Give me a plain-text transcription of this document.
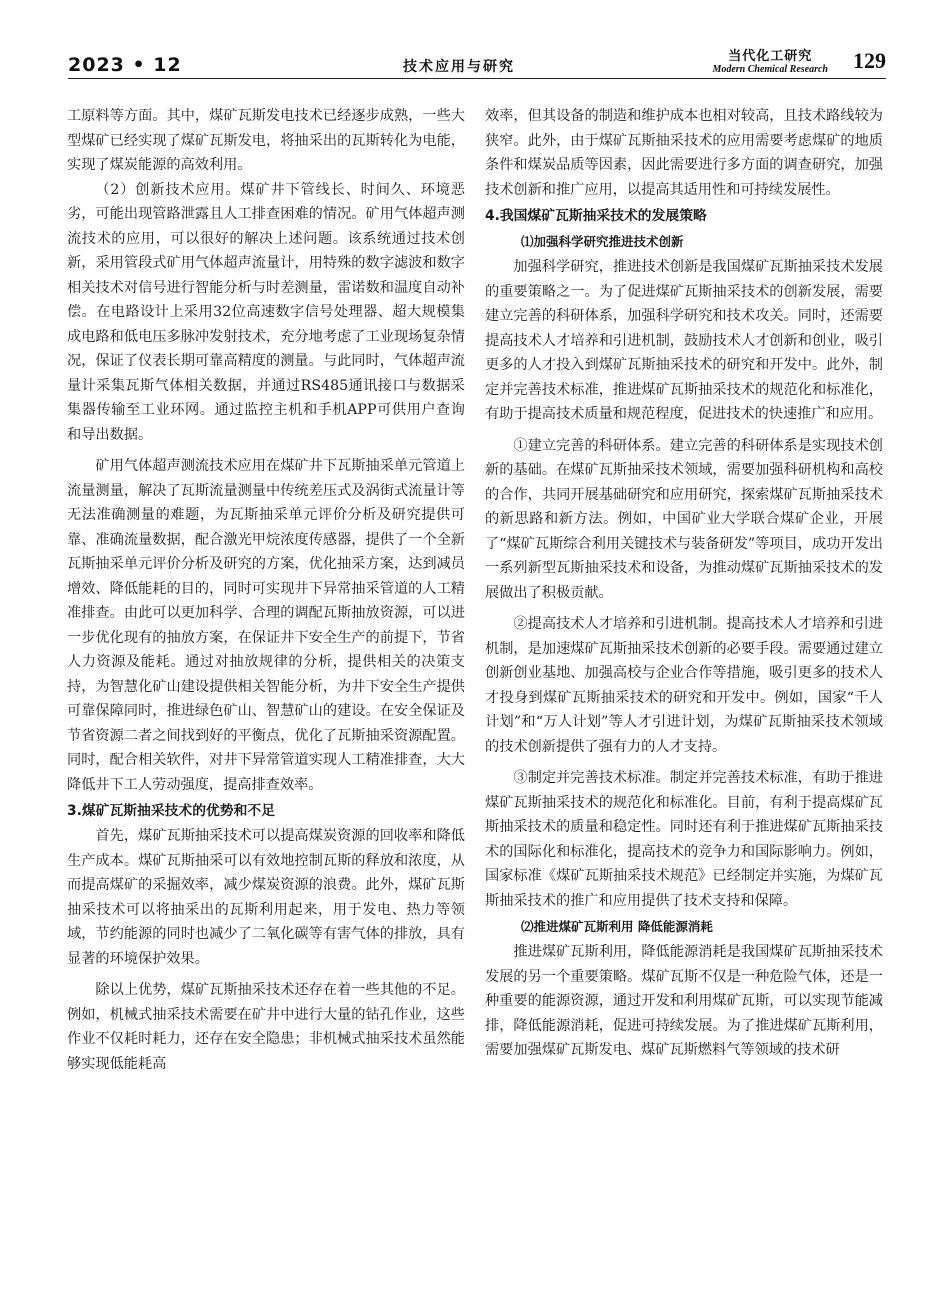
2023 • 12	技术应用与研究
当代化工研究
Modern Chemical Research 129

工原料等方面。其中，煤矿瓦斯发电技术已经逐步成熟，一些大型煤矿已经实现了煤矿瓦斯发电，将抽采出的瓦斯转化为电能，实现了煤炭能源的高效利用。

（2）创新技术应用。煤矿井下管线长、时间久、环境恶劣，可能出现管路泄露且人工排查困难的情况。矿用气体超声测流技术的应用，可以很好的解决上述问题。该系统通过技术创新，采用管段式矿用气体超声流量计，用特殊的数字滤波和数字相关技术对信号进行智能分析与时差测量，雷诺数和温度自动补偿。在电路设计上采用32位高速数字信号处理器、超大规模集成电路和低电压多脉冲发射技术，充分地考虑了工业现场复杂情况，保证了仪表长期可靠高精度的测量。与此同时，气体超声流量计采集瓦斯气体相关数据，并通过RS485通讯接口与数据采集器传输至工业环网。通过监控主机和手机APP可供用户查询和导出数据。

矿用气体超声测流技术应用在煤矿井下瓦斯抽采单元管道上流量测量，解决了瓦斯流量测量中传统差压式及涡街式流量计等无法准确测量的难题，为瓦斯抽采单元评价分析及研究提供可靠、准确流量数据，配合激光甲烷浓度传感器，提供了一个全新瓦斯抽采单元评价分析及研究的方案，优化抽采方案，达到减员增效、降低能耗的目的，同时可实现井下异常抽采管道的人工精准排查。由此可以更加科学、合理的调配瓦斯抽放资源，可以进一步优化现有的抽放方案，在保证井下安全生产的前提下，节省人力资源及能耗。通过对抽放规律的分析，提供相关的决策支持，为智慧化矿山建设提供相关智能分析，为井下安全生产提供可靠保障同时，推进绿色矿山、智慧矿山的建设。在安全保证及节省资源二者之间找到好的平衡点，优化了瓦斯抽采资源配置。同时，配合相关软件，对井下异常管道实现人工精准排查，大大降低井下工人劳动强度，提高排查效率。

3.煤矿瓦斯抽采技术的优势和不足

首先，煤矿瓦斯抽采技术可以提高煤炭资源的回收率和降低生产成本。煤矿瓦斯抽采可以有效地控制瓦斯的释放和浓度，从而提高煤矿的采掘效率，减少煤炭资源的浪费。此外，煤矿瓦斯抽采技术可以将抽采出的瓦斯利用起来，用于发电、热力等领域，节约能源的同时也减少了二氧化碳等有害气体的排放，具有显著的环境保护效果。

除以上优势，煤矿瓦斯抽采技术还存在着一些其他的不足。例如，机械式抽采技术需要在矿井中进行大量的钻孔作业，这些作业不仅耗时耗力，还存在安全隐患；非机械式抽采技术虽然能够实现低能耗高

效率，但其设备的制造和维护成本也相对较高，且技术路线较为狭窄。此外，由于煤矿瓦斯抽采技术的应用需要考虑煤矿的地质条件和煤炭品质等因素，因此需要进行多方面的调查研究，加强技术创新和推广应用，以提高其适用性和可持续发展性。

4.我国煤矿瓦斯抽采技术的发展策略
⑴加强科学研究推进技术创新

加强科学研究，推进技术创新是我国煤矿瓦斯抽采技术发展的重要策略之一。为了促进煤矿瓦斯抽采技术的创新发展，需要建立完善的科研体系，加强科学研究和技术攻关。同时，还需要提高技术人才培养和引进机制，鼓励技术人才创新和创业，吸引更多的人才投入到煤矿瓦斯抽采技术的研究和开发中。此外，制定并完善技术标准，推进煤矿瓦斯抽采技术的规范化和标准化，有助于提高技术质量和规范程度，促进技术的快速推广和应用。

①建立完善的科研体系。建立完善的科研体系是实现技术创新的基础。在煤矿瓦斯抽采技术领域，需要加强科研机构和高校的合作，共同开展基础研究和应用研究，探索煤矿瓦斯抽采技术的新思路和新方法。例如，中国矿业大学联合煤矿企业，开展了“煤矿瓦斯综合利用关键技术与装备研发”等项目，成功开发出一系列新型瓦斯抽采技术和设备，为推动煤矿瓦斯抽采技术的发展做出了积极贡献。

②提高技术人才培养和引进机制。提高技术人才培养和引进机制，是加速煤矿瓦斯抽采技术创新的必要手段。需要通过建立创新创业基地、加强高校与企业合作等措施，吸引更多的技术人才投身到煤矿瓦斯抽采技术的研究和开发中。例如，国家“千人计划”和“万人计划”等人才引进计划，为煤矿瓦斯抽采技术领域的技术创新提供了强有力的人才支持。

③制定并完善技术标准。制定并完善技术标准，有助于推进煤矿瓦斯抽采技术的规范化和标准化。目前，有利于提高煤矿瓦斯抽采技术的质量和稳定性。同时还有利于推进煤矿瓦斯抽采技术的国际化和标准化，提高技术的竞争力和国际影响力。例如，国家标准《煤矿瓦斯抽采技术规范》已经制定并实施，为煤矿瓦斯抽采技术的推广和应用提供了技术支持和保障。

⑵推进煤矿瓦斯利用 降低能源消耗

推进煤矿瓦斯利用，降低能源消耗是我国煤矿瓦斯抽采技术发展的另一个重要策略。煤矿瓦斯不仅是一种危险气体，还是一种重要的能源资源，通过开发和利用煤矿瓦斯，可以实现节能减排，降低能源消耗，促进可持续发展。为了推进煤矿瓦斯利用，需要加强煤矿瓦斯发电、煤矿瓦斯燃料气等领域的技术研
